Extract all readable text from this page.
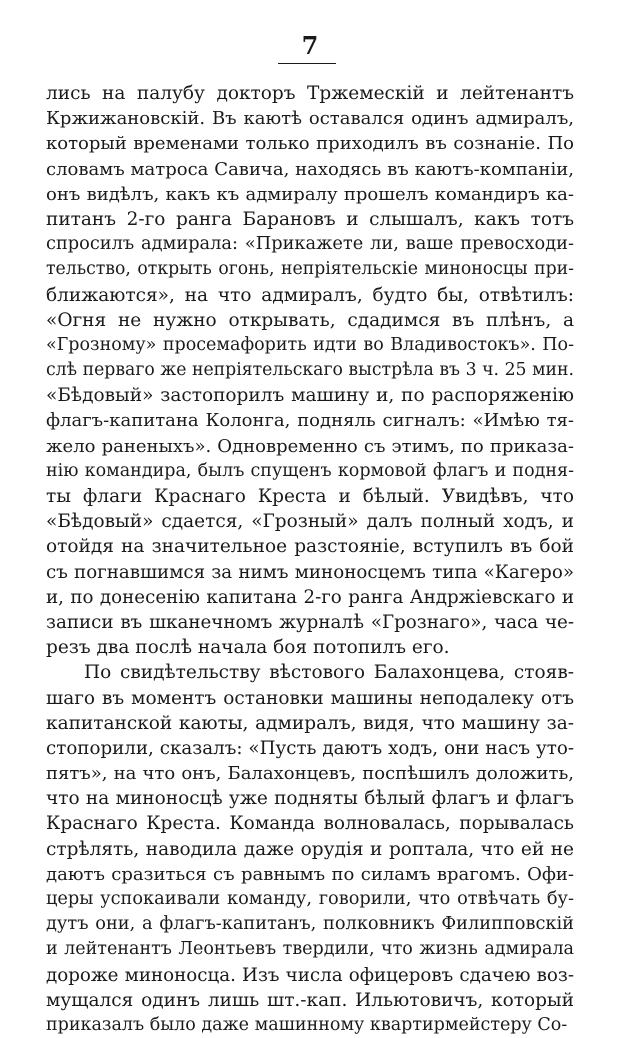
7
лись на палубу докторъ Тржемескiй и лейтенантъ
Кржижановскiй. Въ каютѣ оставался одинъ адмиралъ,
который временами только приходилъ въ сознанiе. По
словамъ матроса Савича, находясь въ каютъ-компанiи,
онъ видѣлъ, какъ къ адмиралу прошелъ командиръ ка-
питанъ 2-го ранга Барановъ и слышалъ, какъ тотъ
спросилъ адмирала: «Прикажете ли, ваше превосходи-
тельство, открыть огонь, непрiятельскiе миноносцы при-
ближаются», на что адмиралъ, будто бы, отвѣтилъ:
«Огня не нужно открывать, сдадимся въ плѣнъ, а
«Грозному» просемафорить идти во Владивостокъ». По-
слѣ перваго же непрiятельскаго выстрѣла въ 3 ч. 25 мин.
«Бѣдовый» застопорилъ машину и, по распоряженiю
флагъ-капитана Колонга, подняль сигналъ: «Имѣю тя-
жело раненыхъ». Одновременно съ этимъ, по приказа-
нiю командира, былъ спущенъ кормовой флагъ и подня-
ты флаги Краснаго Креста и бѣлый. Увидѣвъ, что
«Бѣдовый» сдается, «Грозный» далъ полный ходъ, и
отойдя на значительное разстоянiе, вступилъ въ бой
съ погнавшимся за нимъ миноносцемъ типа «Кагеро»
и, по донесенiю капитана 2-го ранга Андржiевскаго и
записи въ шканечномъ журналѣ «Грознаго», часа че-
резъ два послѣ начала боя потопилъ его.
По свидѣтельству вѣстового Балахонцева, стояв-
шаго въ моментъ остановки машины неподалеку отъ
капитанской каюты, адмиралъ, видя, что машину за-
стопорили, сказалъ: «Пусть даютъ ходъ, они насъ уто-
пятъ», на что онъ, Балахонцевъ, поспѣшилъ доложить,
что на миноносцѣ уже подняты бѣлый флагъ и флагъ
Краснаго Креста. Команда волновалась, порывалась
стрѣлять, наводила даже орудiя и роптала, что ей не
даютъ сразиться съ равнымъ по силамъ врагомъ. Офи-
церы успокаивали команду, говорили, что отвѣчать бу-
дутъ они, а флагъ-капитанъ, полковникъ Филипповскiй
и лейтенантъ Леонтьевъ твердили, что жизнь адмирала
дороже миноносца. Изъ числа офицеровъ сдачею воз-
мущался одинъ лишь шт.-кап. Ильютовичъ, который
приказалъ было даже машинному квартирмейстеру Со-
